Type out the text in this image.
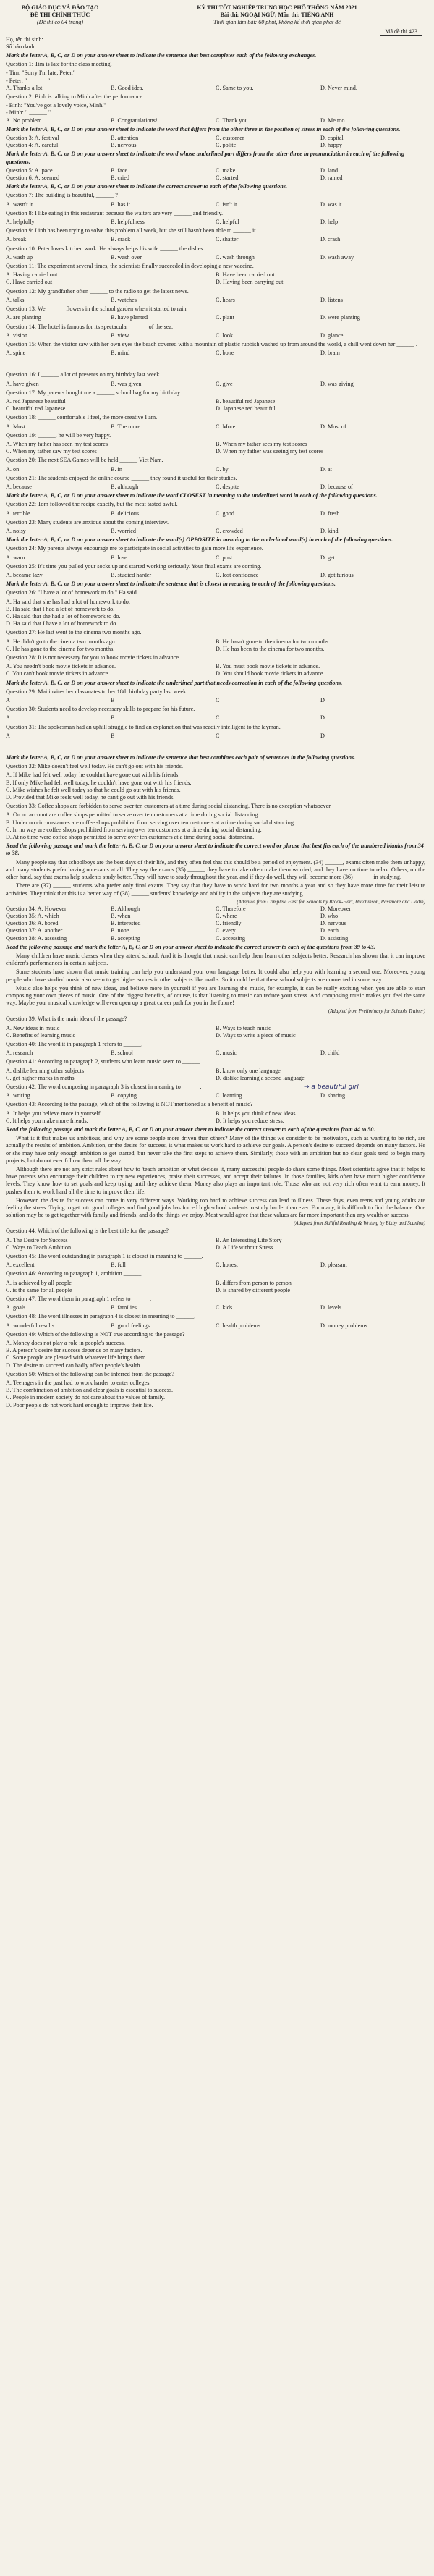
BỘ GIÁO DỤC VÀ ĐÀO TẠO
ĐỀ THI CHÍNH THỨC
(Đề thi có 04 trang)
KỲ THI TỐT NGHIỆP TRUNG HỌC PHỔ THÔNG NĂM 2021
Bài thi: NGOẠI NGỮ; Môn thi: TIẾNG ANH
Thời gian làm bài: 60 phút, không kể thời gian phát đề
Mã đề thi 423
Họ, tên thí sinh: ................................................
Số báo danh: ....................................................
Mark the letter A, B, C, or D on your answer sheet to indicate the sentence that best completes each of the following exchanges.
Question 1: Tim is late for the class meeting.
- Tim: "Sorry I'm late, Peter."
- Peter: " ______ "
A. Thanks a lot.	B. Good idea.	C. Same to you.	D. Never mind.
Question 2: Binh is talking to Minh after the performance.
- Binh: "You've got a lovely voice, Minh."
- Minh: " ______ "
A. No problem.	B. Congratulations!	C. Thank you.	D. Me too.
Mark the letter A, B, C, or D on your answer sheet to indicate the word that differs from the other three in the position of stress in each of the following questions.
Question 3: A. festival	B. attention	C. customer	D. capital
Question 4: A. careful	B. nervous	C. polite	D. happy
Mark the letter A, B, C, or D on your answer sheet to indicate the word whose underlined part differs from the other three in pronunciation in each of the following questions.
Question 5: A. pace	B. face	C. make	D. land
Question 6: A. seemed	B. cried	C. started	D. rained
Mark the letter A, B, C, or D on your answer sheet to indicate the correct answer to each of the following questions.
Question 7: The building is beautiful, ______ ?
A. wasn't it	B. has it	C. isn't it	D. was it
Question 8: I like eating in this restaurant because the waiters are very ______ and friendly.
A. helpfully	B. helpfulness	C. helpful	D. help
Question 9: Linh has been trying to solve this problem all week, but she still hasn't been able to ______ it.
A. break	B. crack	C. shatter	D. crash
Question 10: Peter loves kitchen work. He always helps his wife ______ the dishes.
A. wash up	B. wash over	C. wash through	D. wash away
Question 11: The experiment several times, the scientists finally succeeded in developing a new vaccine.
A. Having carried out	B. Have been carried out
C. Have carried out	D. Having been carrying out
Question 12: My grandfather often ______ to the radio to get the latest news.
A. talks	B. watches	C. hears	D. listens
Question 13: We ______ flowers in the school garden when it started to rain.
A. are planting	B. have planted	C. plant	D. were planting
Question 14: The hotel is famous for its spectacular ______ of the sea.
A. vision	B. view	C. look	D. glance
Question 15: When the visitor saw with her own eyes the beach covered with a mountain of plastic rubbish washed up from around the world, a chill went down her ______ .
A. spine	B. mind	C. bone	D. brain
Question 16: I ______ a lot of presents on my birthday last week.
A. have given	B. was given	C. give	D. was giving
Question 17: My parents bought me a ______ school bag for my birthday.
A. red Japanese beautiful	B. beautiful red Japanese
C. beautiful red Japanese	D. Japanese red beautiful
Question 18: ______ comfortable I feel, the more creative I am.
A. Most	B. The more	C. More	D. Most of
Question 19: ______, he will be very happy.
A. When my father has seen my test scores	B. When my father sees my test scores
C. When my father saw my test scores	D. When my father was seeing my test scores
Question 20: The next SEA Games will be held ______ Viet Nam.
A. on	B. in	C. by	D. at
Question 21: The students enjoyed the online course ______ they found it useful for their studies.
A. because	B. although	C. despite	D. because of
Mark the letter A, B, C, or D on your answer sheet to indicate the word CLOSEST in meaning to the underlined word in each of the following questions.
Question 22: Tom followed the recipe exactly, but the meat tasted awful.
A. terrible	B. delicious	C. good	D. fresh
Question 23: Many students are anxious about the coming interview.
A. noisy	B. worried	C. crowded	D. kind
Mark the letter A, B, C, or D on your answer sheet to indicate the word(s) OPPOSITE in meaning to the underlined word(s) in each of the following questions.
Question 24: My parents always encourage me to participate in social activities to gain more life experience.
A. warn	B. lose	C. post	D. get
Question 25: It's time you pulled your socks up and started working seriously. Your final exams are coming.
A. became lazy	B. studied harder	C. lost confidence	D. got furious
Mark the letter A, B, C, or D on your answer sheet to indicate the sentence that is closest in meaning to each of the following questions.
Question 26: "I have a lot of homework to do," Ha said.
A. Ha said that she has had a lot of homework to do.
B. Ha said that I had a lot of homework to do.
C. Ha said that she had a lot of homework to do.
D. Ha said that I have a lot of homework to do.
Question 27: He last went to the cinema two months ago.
A. He didn't go to the cinema two months ago.	B. He hasn't gone to the cinema for two months.
C. He has gone to the cinema for two months.	D. He has been to the cinema for two months.
Question 28: It is not necessary for you to book movie tickets in advance.
A. You needn't book movie tickets in advance.	B. You must book movie tickets in advance.
C. You can't book movie tickets in advance.	D. You should book movie tickets in advance.
Mark the letter A, B, C, or D on your answer sheet to indicate the underlined part that needs correction in each of the following questions.
Question 29: Mai invites her classmates to her 18th birthday party last week.
A	B	C	D
Question 30: Students need to develop necessary skills to prepare for his future.
A	B	C	D
Question 31: The spokesman had an uphill struggle to find an explanation that was readily intelligent to the layman.
A	B	C	D
Mark the letter A, B, C, or D on your answer sheet to indicate the sentence that best combines each pair of sentences in the following questions.
Question 32: Mike doesn't feel well today. He can't go out with his friends.
A. If Mike had felt well today, he couldn't have gone out with his friends.
B. If only Mike had felt well today, he couldn't have gone out with his friends.
C. Mike wishes he felt well today so that he could go out with his friends.
D. Provided that Mike feels well today, he can't go out with his friends.
Question 33: Coffee shops are forbidden to serve over ten customers at a time during social distancing. There is no exception whatsoever.
A. On no account are coffee shops permitted to serve over ten customers at a time during social distancing.
B. Under no circumstances are coffee shops prohibited from serving over ten customers at a time during social distancing.
C. In no way are coffee shops prohibited from serving over ten customers at a time during social distancing.
D. At no time were coffee shops permitted to serve over ten customers at a time during social distancing.
Read the following passage and mark the letter A, B, C, or D on your answer sheet to indicate the correct word or phrase that best fits each of the numbered blanks from 34 to 38.
Many people say that schoolboys are the best days of their life, and they often feel that this should be a period of enjoyment. (34) ______, exams often make them unhappy, and many students prefer having no exams at all. They say the exams (35) ______ they have to take often make them worried, and they have no time to relax. Others, on the other hand, say that exams help students study better. They will have to study throughout the year, and if they do well, they will become more (36) ______ in studying.
There are (37) ______ students who prefer only final exams. They say that they have to work hard for two months a year and so they have more time for their leisure activities. They think that this is a better way of (38) ______ students' knowledge and ability in the subjects they are studying.
(Adapted from Complete First for Schools by Brook-Hart, Hutchinson, Passmore and Uddin)
Question 34: A. However	B. Although	C. Therefore	D. Moreover
Question 35: A. which	B. when	C. where	D. who
Question 36: A. bored	B. interested	C. friendly	D. nervous
Question 37: A. another	B. none	C. every	D. each
Question 38: A. assessing	B. accepting	C. accessing	D. assisting
Read the following passage and mark the letter A, B, C, or D on your answer sheet to indicate the correct answer to each of the questions from 39 to 43.
Many children have music classes when they attend school. And it is thought that music can help them learn other subjects better. Research has shown that it can improve children's performances in certain subjects.
Some students have shown that music training can help you understand your own language better. It could also help you with learning a second one. Moreover, young people who have studied music also seem to get higher scores in other subjects like maths. So it could be that these school subjects are connected in some way.
Music also helps you think of new ideas, and believe more in yourself if you are learning the music, for example, it can be really exciting when you are able to start composing your own pieces of music. One of the biggest benefits, of course, is that listening to music can reduce your stress. And composing music makes you feel the same way. Maybe your musical knowledge will even open up a great career path for you in the future!
(Adapted from Preliminary for Schools Trainer)
Question 39: What is the main idea of the passage?
A. New ideas in music	B. Ways to teach music
C. Benefits of learning music	D. Ways to write a piece of music
Question 40: The word it in paragraph 1 refers to ______.
A. research	B. school	C. music	D. child
Question 41: According to paragraph 2, students who learn music seem to ______.
A. dislike learning other subjects	B. know only one language
C. get higher marks in maths	D. dislike learning a second language
Question 42: The word composing in paragraph 3 is closest in meaning to ______.
A. writing	B. copying	C. learning	D. sharing
Question 43: According to the passage, which of the following is NOT mentioned as a benefit of music?
A. It helps you believe more in yourself.	B. It helps you think of new ideas.
C. It helps you make more friends.	D. It helps you reduce stress.
Read the following passage and mark the letter A, B, C, or D on your answer sheet to indicate the correct answer to each of the questions from 44 to 50.
What is it that makes us ambitious, and why are some people more driven than others? Many of the things we consider to be motivators, such as wanting to be rich, are actually the results of ambition. Ambition, or the desire for success, is what makes us work hard to achieve our goals. A person's desire to succeed depends on many factors. He or she may have only enough ambition to get started, but never take the first steps to achieve them. Similarly, those with an ambition but no clear goals tend to begin many projects, but do not ever follow them all the way.
Although there are not any strict rules about how to 'teach' ambition or what decides it, many successful people do share some things. Most scientists agree that it helps to have parents who encourage their children to try new experiences, praise their successes, and accept their failures. In those families, kids often have much higher confidence levels. They know how to set goals and keep trying until they achieve them. Money also plays an important role. Those who are not very rich often want to earn money. It pushes them to work hard all the time to improve their life.
However, the desire for success can come in very different ways. Working too hard to achieve success can lead to illness. These days, even teens and young adults are feeling the stress. Trying to get into good colleges and find good jobs has forced high school students to study harder than ever. For many, it is difficult to find the balance. One solution may be to get together with family and friends, and do the things we enjoy. Most would agree that these values are far more important than any wealth or success.
(Adapted from Skillful Reading & Writing by Bixby and Scanlon)
Question 44: Which of the following is the best title for the passage?
A. The Desire for Success	B. An Interesting Life Story
C. Ways to Teach Ambition	D. A Life without Stress
Question 45: The word outstanding in paragraph 1 is closest in meaning to ______.
A. excellent	B. full	C. honest	D. pleasant
Question 46: According to paragraph 1, ambition ______.
A. is achieved by all people	B. differs from person to person
C. is the same for all people	D. is shared by different people
Question 47: The word them in paragraph 1 refers to ______.
A. goals	B. families	C. kids	D. levels
Question 48: The word illnesses in paragraph 4 is closest in meaning to ______.
A. wonderful results	B. good feelings	C. health problems	D. money problems
Question 49: Which of the following is NOT true according to the passage?
A. Money does not play a role in people's success.
B. A person's desire for success depends on many factors.
C. Some people are pleased with whatever life brings them.
D. The desire to succeed can badly affect people's health.
Question 50: Which of the following can be inferred from the passage?
A. Teenagers in the past had to work harder to enter colleges.
B. The combination of ambition and clear goals is essential to success.
C. People in modern society do not care about the values of family.
D. Poor people do not work hard enough to improve their life.
→ a beautiful girl
